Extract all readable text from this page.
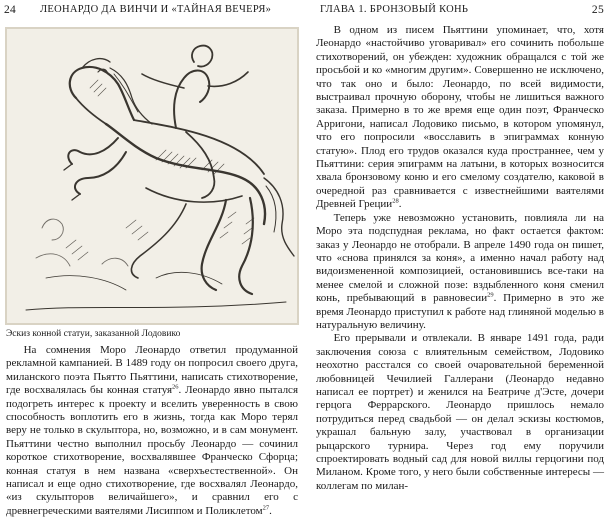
24 ЛЕОНАРДО ДА ВИНЧИ И «ТАЙНАЯ ВЕЧЕРЯ»
Эскиз конной статуи, заказанной Лодовико

На сомнения Моро Леонардо ответил продуманной рекламной кампанией. В 1489 году он попросил своего друга, миланского поэта Пьятто Пьяттини, написать стихотворение, где восхвалялась бы конная статуя$^{26}$. Леонардо явно пытался подогреть интерес к проекту и вселить уверенность в свою способность воплотить его в жизнь, тогда как Моро терял веру не только в скульптора, но, возможно, и в сам монумент. Пьяттини честно выполнил просьбу Леонардо — сочинил короткое стихотворение, восхвалявшее Франческо Сфорца; конная статуя в нем названа «сверхъестественной». Он написал и еще одно стихотворение, где восхвалял Леонардо, «из скульпторов величайшего», и сравнил его с древнегреческими ваятелями Лисиппом и Поликлетом$^{27}$.

ГЛАВА 1. БРОНЗОВЫЙ КОНЬ	25

В одном из писем Пьяттини упоминает, что, хотя Леонардо «настойчиво уговаривал» его сочинить побольше стихотворений, он убежден: художник обращался с той же просьбой и ко «многим другим». Совершенно не исключено, что так оно и было: Леонардо, по всей видимости, выстраивал прочную оборону, чтобы не лишиться важного заказа. Примерно в то же время еще один поэт, Франческо Арригони, написал Лодовико письмо, в котором упомянул, что его попросили «восславить в эпиграммах конную статую». Плод его трудов оказался куда пространнее, чем у Пьяттини: серия эпиграмм на латыни, в которых возносится хвала бронзовому коню и его смелому создателю, каковой в очередной раз сравнивается с известнейшими ваятелями Древней Греции$^{28}$.

Теперь уже невозможно установить, повлияла ли на Моро эта подспудная реклама, но факт остается фактом: заказ у Леонардо не отобрали. В апреле 1490 года он пишет, что «снова принялся за коня», а именно начал работу над видоизмененной композицией, остановившись все-таки на менее смелой и сложной позе: вздыбленного коня сменил конь, пребывающий в равновесии$^{29}$. Примерно в это же время Леонардо приступил к работе над глиняной моделью в натуральную величину.

Его прерывали и отвлекали. В январе 1491 года, ради заключения союза с влиятельным семейством, Лодовико неохотно расстался со своей очаровательной беременной любовницей Чечилией Галлерани (Леонардо недавно написал ее портрет) и женился на Беатриче д'Эсте, дочери герцога Феррарского. Леонардо пришлось немало потрудиться перед свадьбой — он делал эскизы костюмов, украшал бальную залу, участвовал в организации рыцарского турнира. Через год ему поручили спроектировать водный сад для новой виллы герцогини под Миланом. Кроме того, у него были собственные интересы — коллегам по милан-
